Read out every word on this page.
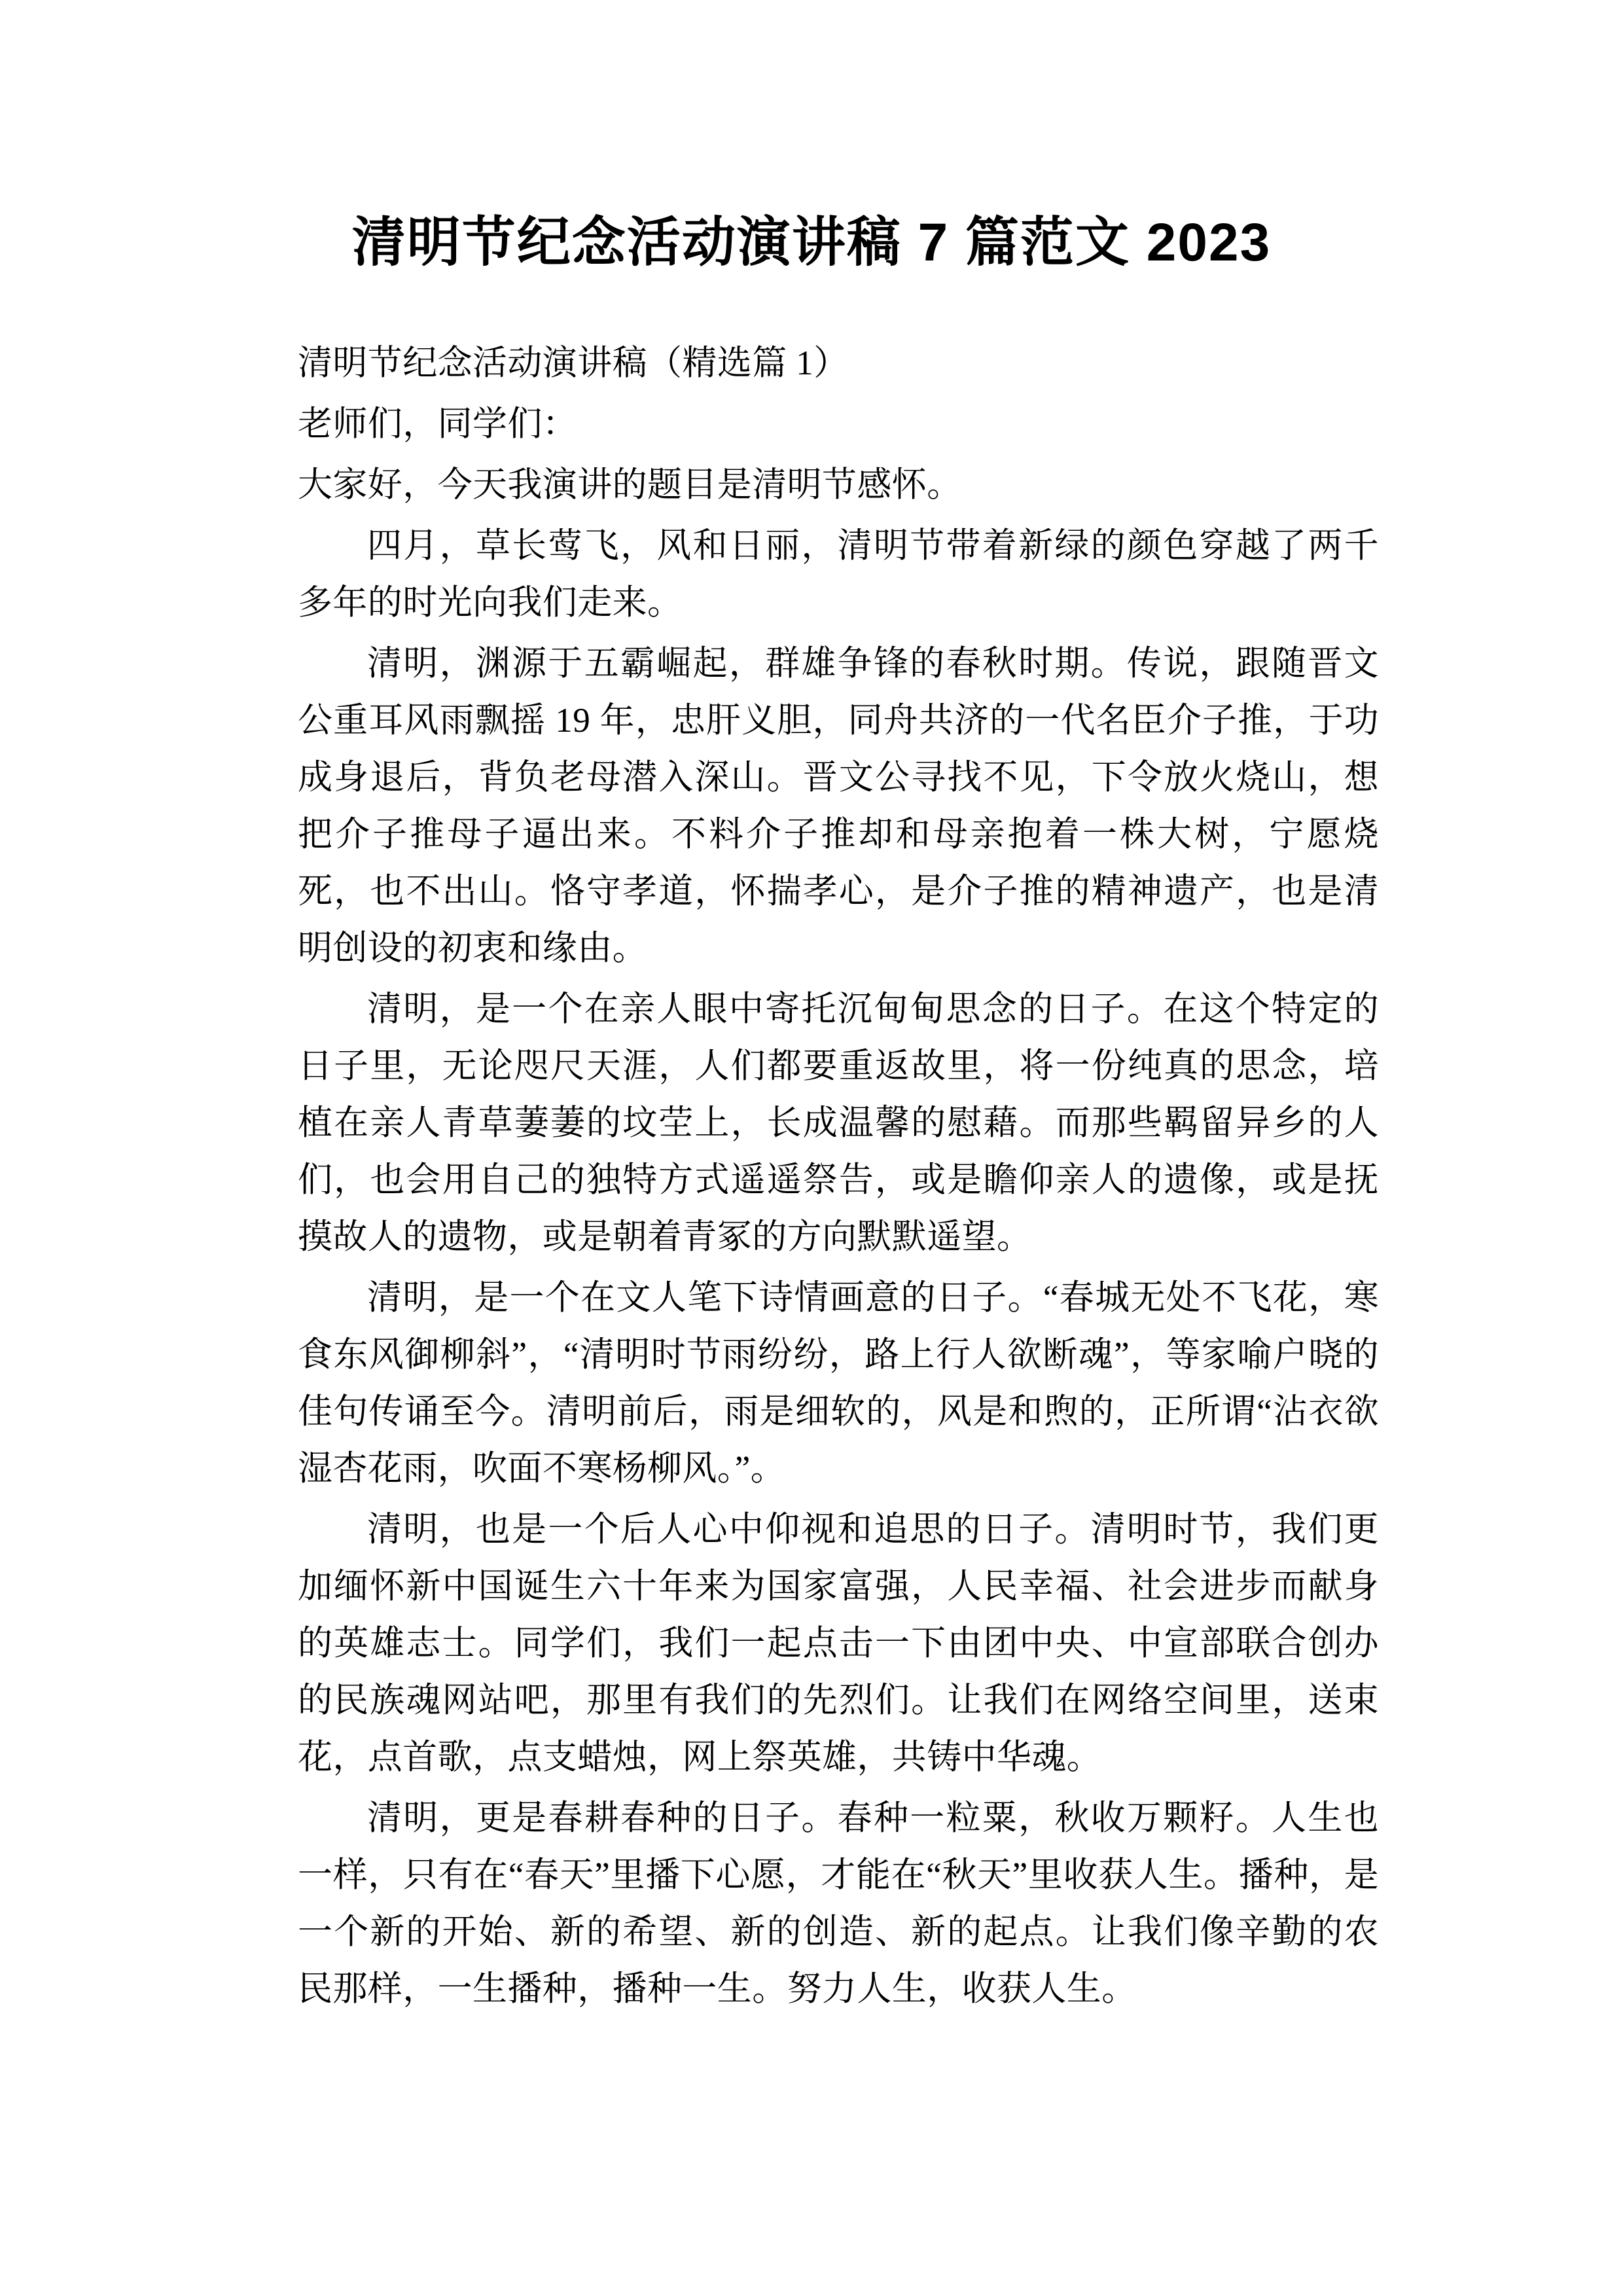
清明节纪念活动演讲稿 7 篇范文 2023

清明节纪念活动演讲稿（精选篇 1）

老师们，同学们：

大家好，今天我演讲的题目是清明节感怀。

四月，草长莺飞，风和日丽，清明节带着新绿的颜色穿越了两千多年的时光向我们走来。

清明，渊源于五霸崛起，群雄争锋的春秋时期。传说，跟随晋文公重耳风雨飘摇 19 年，忠肝义胆，同舟共济的一代名臣介子推，于功成身退后，背负老母潜入深山。晋文公寻找不见，下令放火烧山，想把介子推母子逼出来。不料介子推却和母亲抱着一株大树，宁愿烧死，也不出山。恪守孝道，怀揣孝心，是介子推的精神遗产，也是清明创设的初衷和缘由。

清明，是一个在亲人眼中寄托沉甸甸思念的日子。在这个特定的日子里，无论咫尺天涯，人们都要重返故里，将一份纯真的思念，培植在亲人青草萋萋的坟茔上，长成温馨的慰藉。而那些羁留异乡的人们，也会用自己的独特方式遥遥祭告，或是瞻仰亲人的遗像，或是抚摸故人的遗物，或是朝着青冢的方向默默遥望。

清明，是一个在文人笔下诗情画意的日子。“春城无处不飞花，寒食东风御柳斜”，“清明时节雨纷纷，路上行人欲断魂”，等家喻户晓的佳句传诵至今。清明前后，雨是细软的，风是和煦的，正所谓“沾衣欲湿杏花雨，吹面不寒杨柳风。”。

清明，也是一个后人心中仰视和追思的日子。清明时节，我们更加缅怀新中国诞生六十年来为国家富强，人民幸福、社会进步而献身的英雄志士。同学们，我们一起点击一下由团中央、中宣部联合创办的民族魂网站吧，那里有我们的先烈们。让我们在网络空间里，送束花，点首歌，点支蜡烛，网上祭英雄，共铸中华魂。

清明，更是春耕春种的日子。春种一粒粟，秋收万颗籽。人生也一样，只有在“春天”里播下心愿，才能在“秋天”里收获人生。播种，是一个新的开始、新的希望、新的创造、新的起点。让我们像辛勤的农民那样，一生播种，播种一生。努力人生，收获人生。
